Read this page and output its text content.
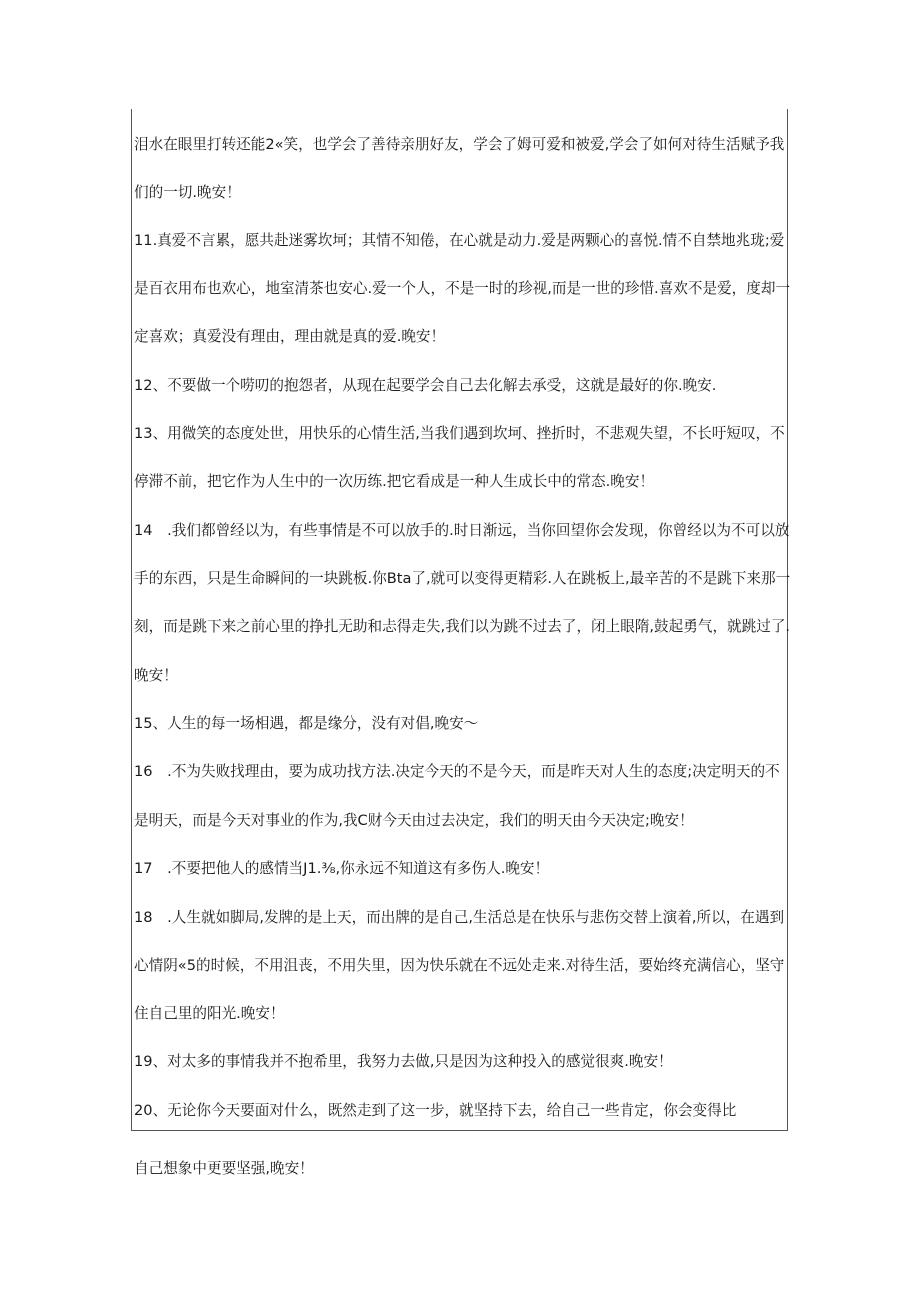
泪水在眼里打转还能2«笑，也学会了善待亲朋好友，学会了姆可爱和被爱,学会了如何对待生活赋予我
们的一切.晚安！
11.真爱不言累，愿共赴迷雾坎坷；其情不知倦，在心就是动力.爱是两颗心的喜悦.情不自禁地兆珑;爱
是百衣用布也欢心，地室清茶也安心.爱一个人，不是一时的珍视,而是一世的珍惜.喜欢不是爱，度却一
定喜欢；真爱没有理由，理由就是真的爱.晚安！
12、不要做一个唠叨的抱怨者，从现在起要学会自己去化解去承受，这就是最好的你.晚安.
13、用微笑的态度处世，用快乐的心情生活,当我们遇到坎坷、挫折时，不悲观失望，不长吁短叹，不
停滞不前，把它作为人生中的一次历练.把它看成是一种人生成长中的常态.晚安！
14　.我们都曾经以为，有些事情是不可以放手的.时日渐远，当你回望你会发现，你曾经以为不可以放
手的东西，只是生命瞬间的一块跳板.你Bta了,就可以变得更精彩.人在跳板上,最辛苦的不是跳下来那一
刻，而是跳下来之前心里的挣扎无助和忐得走失,我们以为跳不过去了，闭上眼隋,鼓起勇气，就跳过了.
晚安！
15、人生的每一场相遇，都是缘分，没有对倡,晚安〜
16　.不为失败找理由，要为成功找方法.决定今天的不是今天，而是昨天对人生的态度;决定明天的不
是明天，而是今天对事业的作为,我C财今天由过去决定，我们的明天由今天决定;晚安！
17　.不要把他人的感情当J1.⅜,你永远不知道这有多伤人.晚安！
18　.人生就如脚局,发牌的是上天，而出牌的是自己,生活总是在快乐与悲伤交替上演着,所以，在遇到
心情阴«5的时候，不用沮丧，不用失里，因为快乐就在不远处走来.对待生活，要始终充满信心，坚守
住自己里的阳光.晚安！
19、对太多的事情我并不抱希里，我努力去做,只是因为这种投入的感觉很爽.晚安！
20、无论你今天要面对什么，既然走到了这一步，就坚持下去，给自己一些肯定，你会变得比
自己想象中更要坚强,晚安！
